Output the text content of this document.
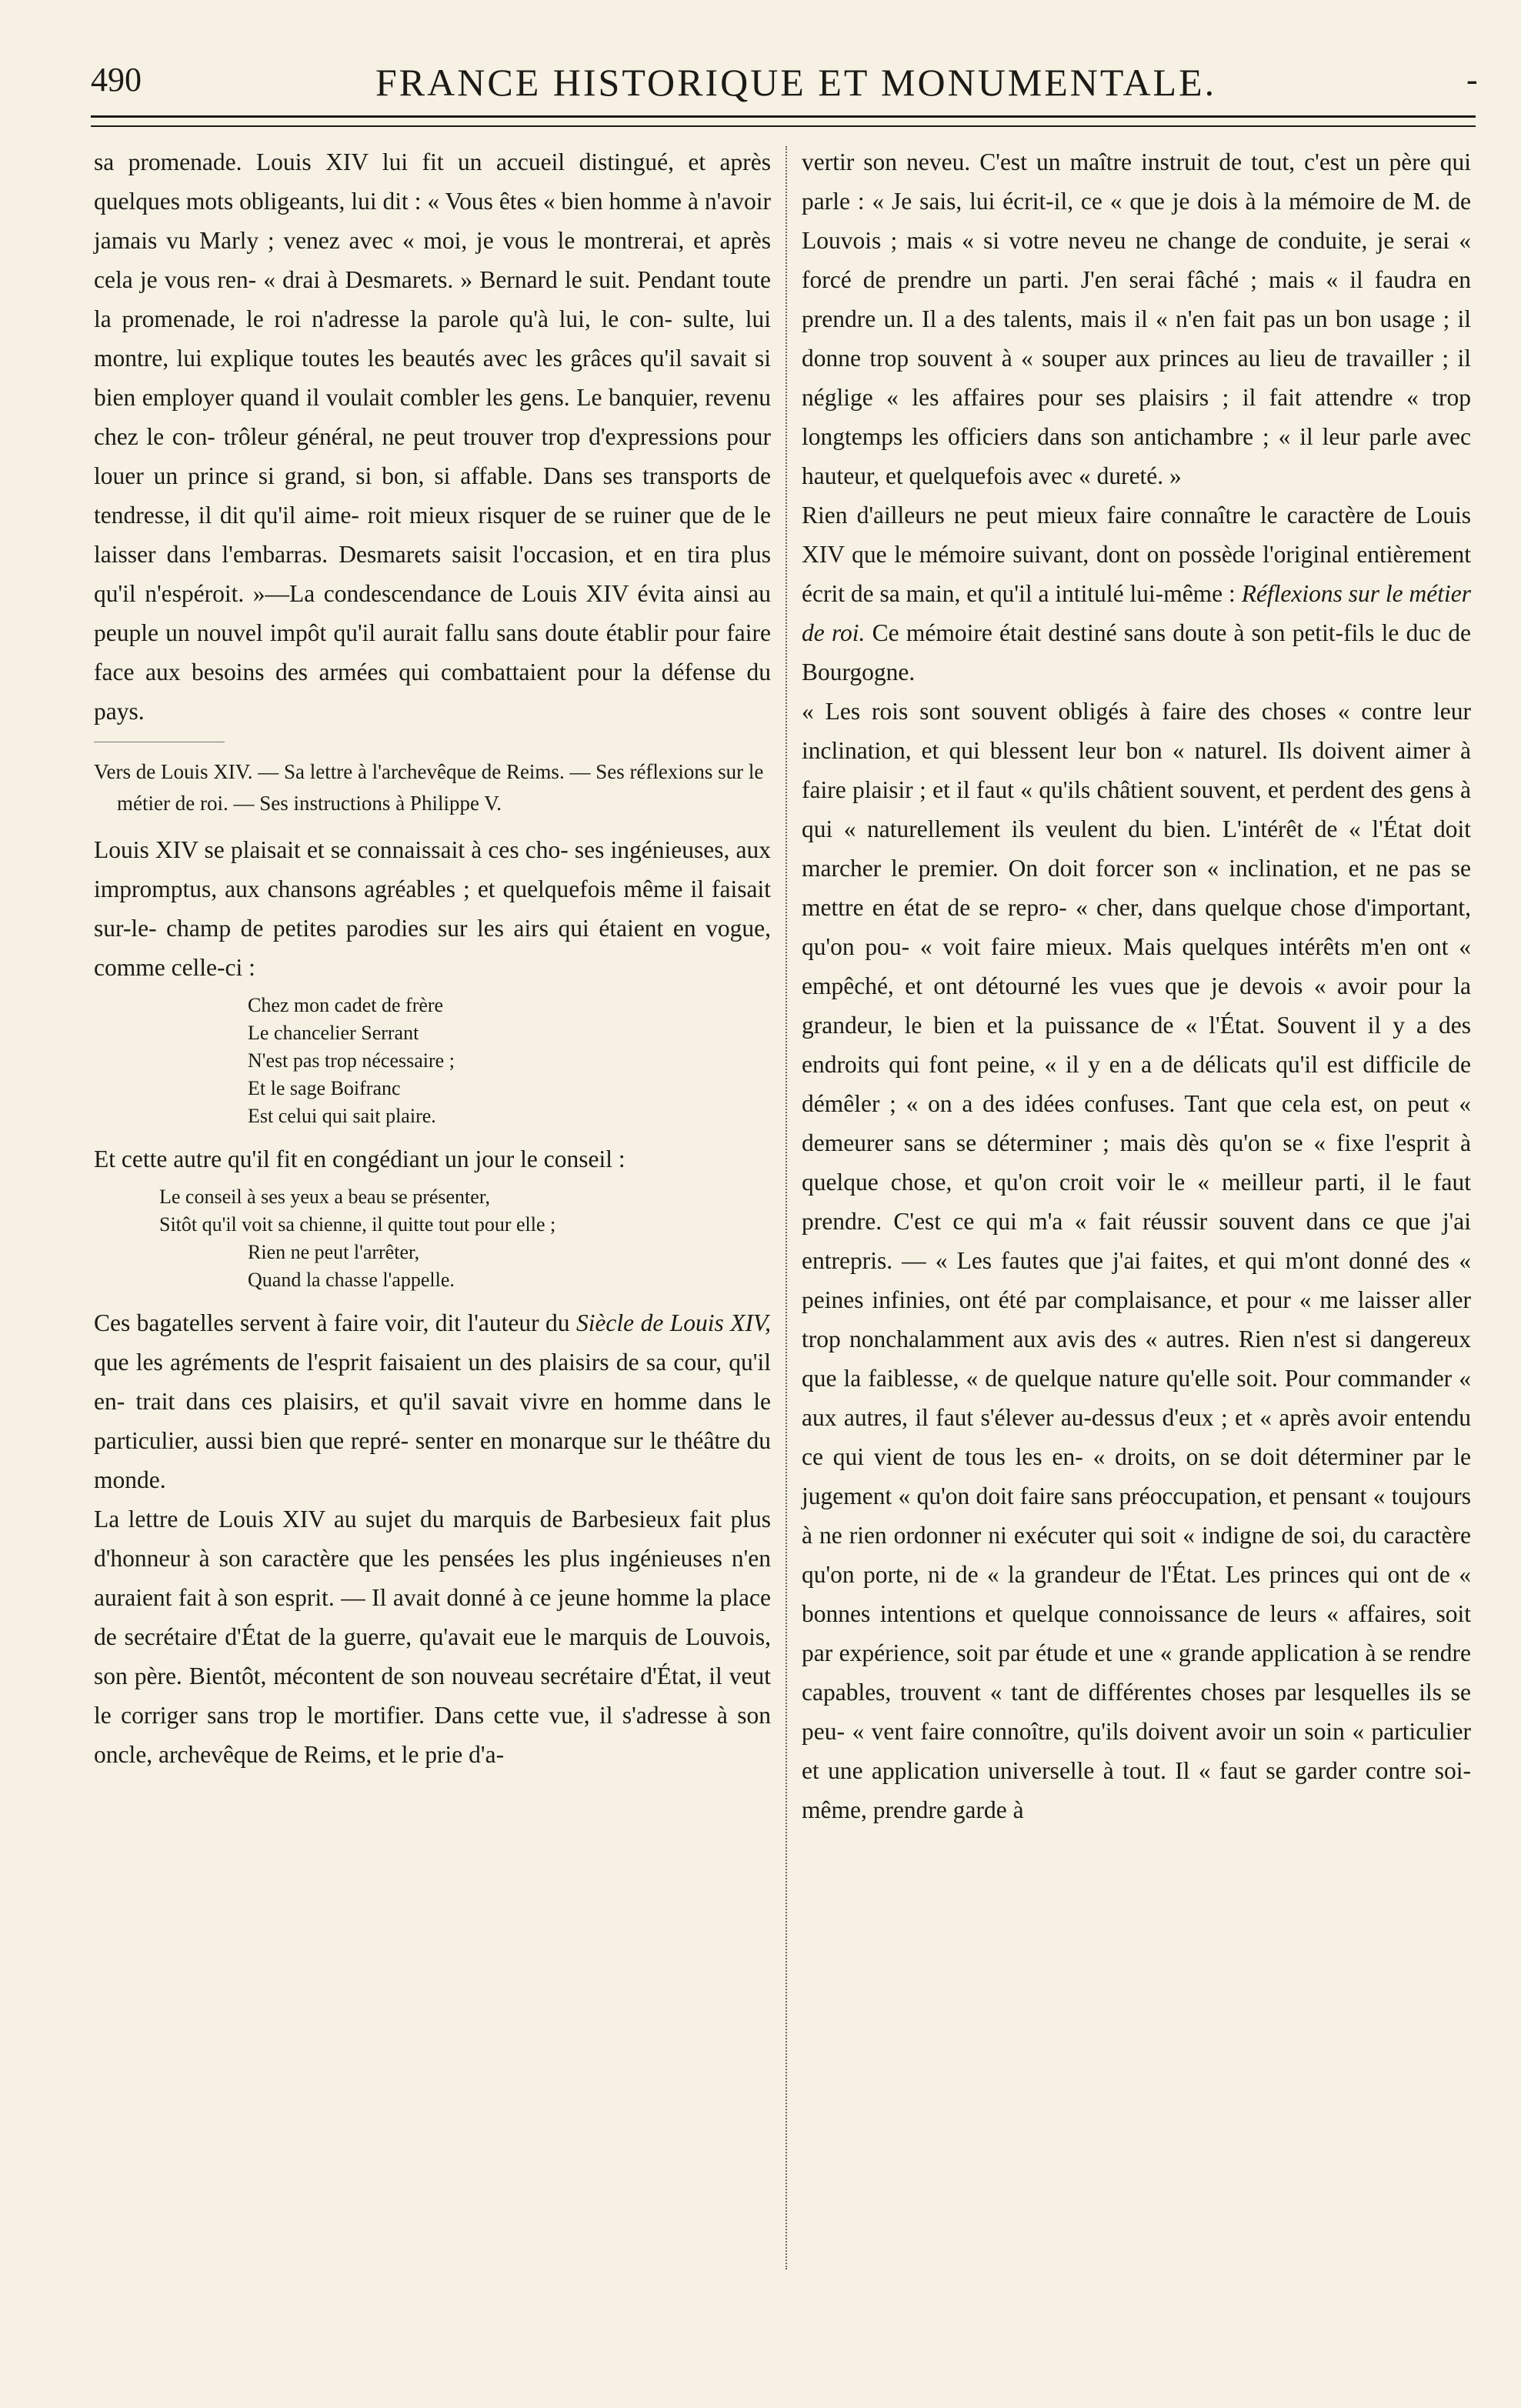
490	FRANCE HISTORIQUE ET MONUMENTALE.	-

sa promenade. Louis XIV lui fit un accueil distingué, et après quelques mots obligeants, lui dit : « Vous êtes « bien homme à n'avoir jamais vu Marly ; venez avec « moi, je vous le montrerai, et après cela je vous ren- « drai à Desmarets. » Bernard le suit. Pendant toute la promenade, le roi n'adresse la parole qu'à lui, le con- sulte, lui montre, lui explique toutes les beautés avec les grâces qu'il savait si bien employer quand il voulait combler les gens. Le banquier, revenu chez le con- trôleur général, ne peut trouver trop d'expressions pour louer un prince si grand, si bon, si affable. Dans ses transports de tendresse, il dit qu'il aime- roit mieux risquer de se ruiner que de le laisser dans l'embarras. Desmarets saisit l'occasion, et en tira plus qu'il n'espéroit. »—La condescendance de Louis XIV évita ainsi au peuple un nouvel impôt qu'il aurait fallu sans doute établir pour faire face aux besoins des armées qui combattaient pour la défense du pays.

Vers de Louis XIV. — Sa lettre à l'archevêque de Reims. — Ses réflexions sur le métier de roi. — Ses instructions à Philippe V.

Louis XIV se plaisait et se connaissait à ces cho- ses ingénieuses, aux impromptus, aux chansons agréables ; et quelquefois même il faisait sur-le- champ de petites parodies sur les airs qui étaient en vogue, comme celle-ci :

Chez mon cadet de frère
Le chancelier Serrant
N'est pas trop nécessaire ;
Et le sage Boifranc
Est celui qui sait plaire.

Et cette autre qu'il fit en congédiant un jour le conseil :

Le conseil à ses yeux a beau se présenter,
Sitôt qu'il voit sa chienne, il quitte tout pour elle ;
Rien ne peut l'arrêter,
Quand la chasse l'appelle.

Ces bagatelles servent à faire voir, dit l'auteur du Siècle de Louis XIV, que les agréments de l'esprit faisaient un des plaisirs de sa cour, qu'il en- trait dans ces plaisirs, et qu'il savait vivre en homme dans le particulier, aussi bien que repré- senter en monarque sur le théâtre du monde.

La lettre de Louis XIV au sujet du marquis de Barbesieux fait plus d'honneur à son caractère que les pensées les plus ingénieuses n'en auraient fait à son esprit. — Il avait donné à ce jeune homme la place de secrétaire d'État de la guerre, qu'avait eue le marquis de Louvois, son père. Bientôt, mécontent de son nouveau secrétaire d'État, il veut le corriger sans trop le mortifier. Dans cette vue, il s'adresse à son oncle, archevêque de Reims, et le prie d'a-

vertir son neveu. C'est un maître instruit de tout, c'est un père qui parle : « Je sais, lui écrit-il, ce « que je dois à la mémoire de M. de Louvois ; mais « si votre neveu ne change de conduite, je serai « forcé de prendre un parti. J'en serai fâché ; mais « il faudra en prendre un. Il a des talents, mais il « n'en fait pas un bon usage ; il donne trop souvent à « souper aux princes au lieu de travailler ; il néglige « les affaires pour ses plaisirs ; il fait attendre « trop longtemps les officiers dans son antichambre ; « il leur parle avec hauteur, et quelquefois avec « dureté. »

Rien d'ailleurs ne peut mieux faire connaître le caractère de Louis XIV que le mémoire suivant, dont on possède l'original entièrement écrit de sa main, et qu'il a intitulé lui-même : Réflexions sur le métier de roi. Ce mémoire était destiné sans doute à son petit-fils le duc de Bourgogne.

« Les rois sont souvent obligés à faire des choses « contre leur inclination, et qui blessent leur bon « naturel. Ils doivent aimer à faire plaisir ; et il faut « qu'ils châtient souvent, et perdent des gens à qui « naturellement ils veulent du bien. L'intérêt de « l'État doit marcher le premier. On doit forcer son « inclination, et ne pas se mettre en état de se repro- « cher, dans quelque chose d'important, qu'on pou- « voit faire mieux. Mais quelques intérêts m'en ont « empêché, et ont détourné les vues que je devois « avoir pour la grandeur, le bien et la puissance de « l'État. Souvent il y a des endroits qui font peine, « il y en a de délicats qu'il est difficile de démêler ; « on a des idées confuses. Tant que cela est, on peut « demeurer sans se déterminer ; mais dès qu'on se « fixe l'esprit à quelque chose, et qu'on croit voir le « meilleur parti, il le faut prendre. C'est ce qui m'a « fait réussir souvent dans ce que j'ai entrepris. — « Les fautes que j'ai faites, et qui m'ont donné des « peines infinies, ont été par complaisance, et pour « me laisser aller trop nonchalamment aux avis des « autres. Rien n'est si dangereux que la faiblesse, « de quelque nature qu'elle soit. Pour commander « aux autres, il faut s'élever au-dessus d'eux ; et « après avoir entendu ce qui vient de tous les en- « droits, on se doit déterminer par le jugement « qu'on doit faire sans préoccupation, et pensant « toujours à ne rien ordonner ni exécuter qui soit « indigne de soi, du caractère qu'on porte, ni de « la grandeur de l'État. Les princes qui ont de « bonnes intentions et quelque connoissance de leurs « affaires, soit par expérience, soit par étude et une « grande application à se rendre capables, trouvent « tant de différentes choses par lesquelles ils se peu- « vent faire connoître, qu'ils doivent avoir un soin « particulier et une application universelle à tout. Il « faut se garder contre soi-même, prendre garde à
